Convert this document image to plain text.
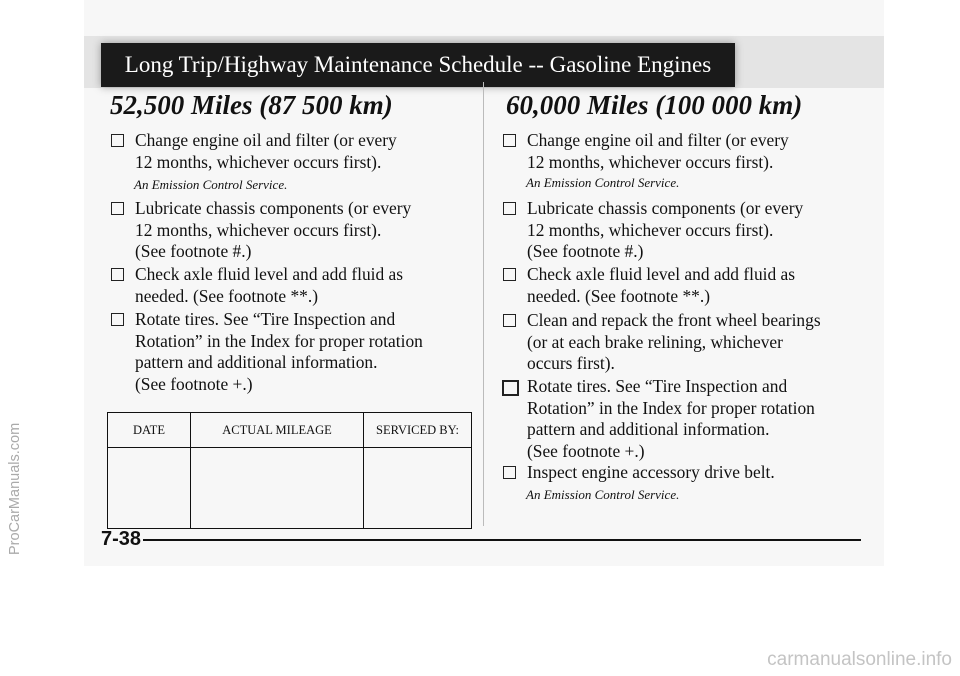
Long Trip/Highway Maintenance Schedule -- Gasoline Engines
52,500 Miles (87 500 km)
Change engine oil and filter (or every
12 months, whichever occurs first).
An Emission Control Service.
Lubricate chassis components (or every
12 months, whichever occurs first).
(See footnote #.)
Check axle fluid level and add fluid as
needed. (See footnote **.)
Rotate tires. See “Tire Inspection and
Rotation” in the Index for proper rotation
pattern and additional information.
(See footnote +.)
DATE	ACTUAL MILEAGE	SERVICED BY:

60,000 Miles (100 000 km)
Change engine oil and filter (or every
12 months, whichever occurs first).
An Emission Control Service.
Lubricate chassis components (or every
12 months, whichever occurs first).
(See footnote #.)
Check axle fluid level and add fluid as
needed. (See footnote **.)
Clean and repack the front wheel bearings
(or at each brake relining, whichever
occurs first).
Rotate tires. See “Tire Inspection and
Rotation” in the Index for proper rotation
pattern and additional information.
(See footnote +.)
Inspect engine accessory drive belt.
An Emission Control Service.
7-38
ProCarManuals.com
carmanualsonline.info
